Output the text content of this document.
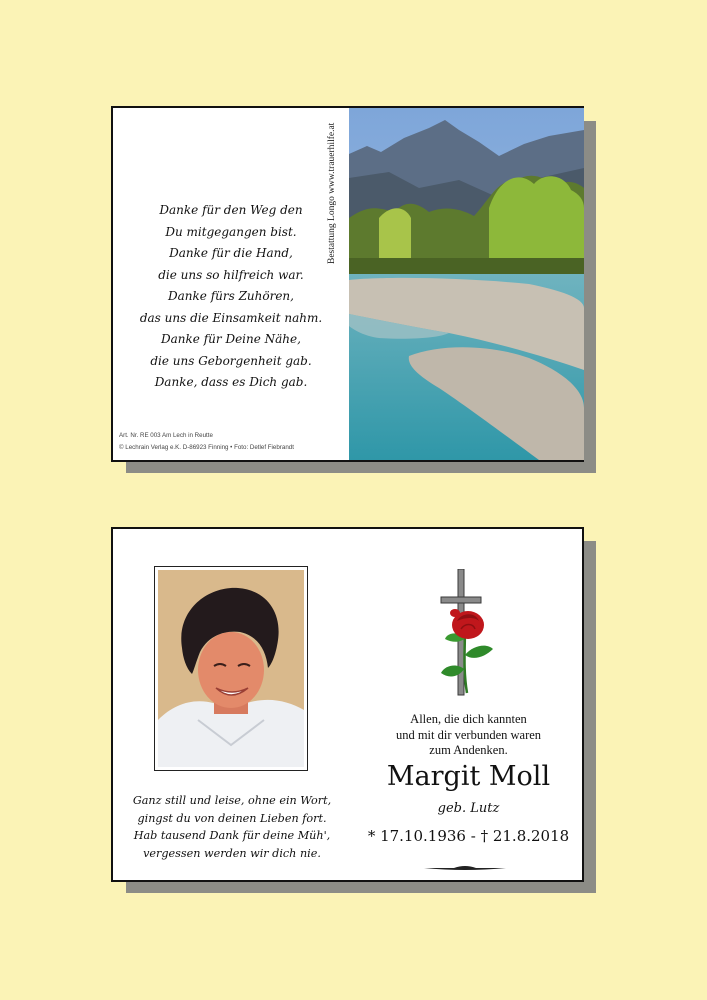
Danke für den Weg den
Du mitgegangen bist.
Danke für die Hand,
die uns so hilfreich war.
Danke fürs Zuhören,
das uns die Einsamkeit nahm.
Danke für Deine Nähe,
die uns Geborgenheit gab.
Danke, dass es Dich gab.
Bestattung Longo www.trauerhilfe.at
Art. Nr. RE 003 Am Lech in Reutte
© Lechrain Verlag e.K. D-86923 Finning • Foto: Detlef Fiebrandt
Ganz still und leise, ohne ein Wort,
gingst du von deinen Lieben fort.
Hab tausend Dank für deine Müh',
vergessen werden wir dich nie.
Allen, die dich kannten
und mit dir verbunden waren
zum Andenken.
Margit Moll
geb. Lutz
* 17.10.1936 - † 21.8.2018
